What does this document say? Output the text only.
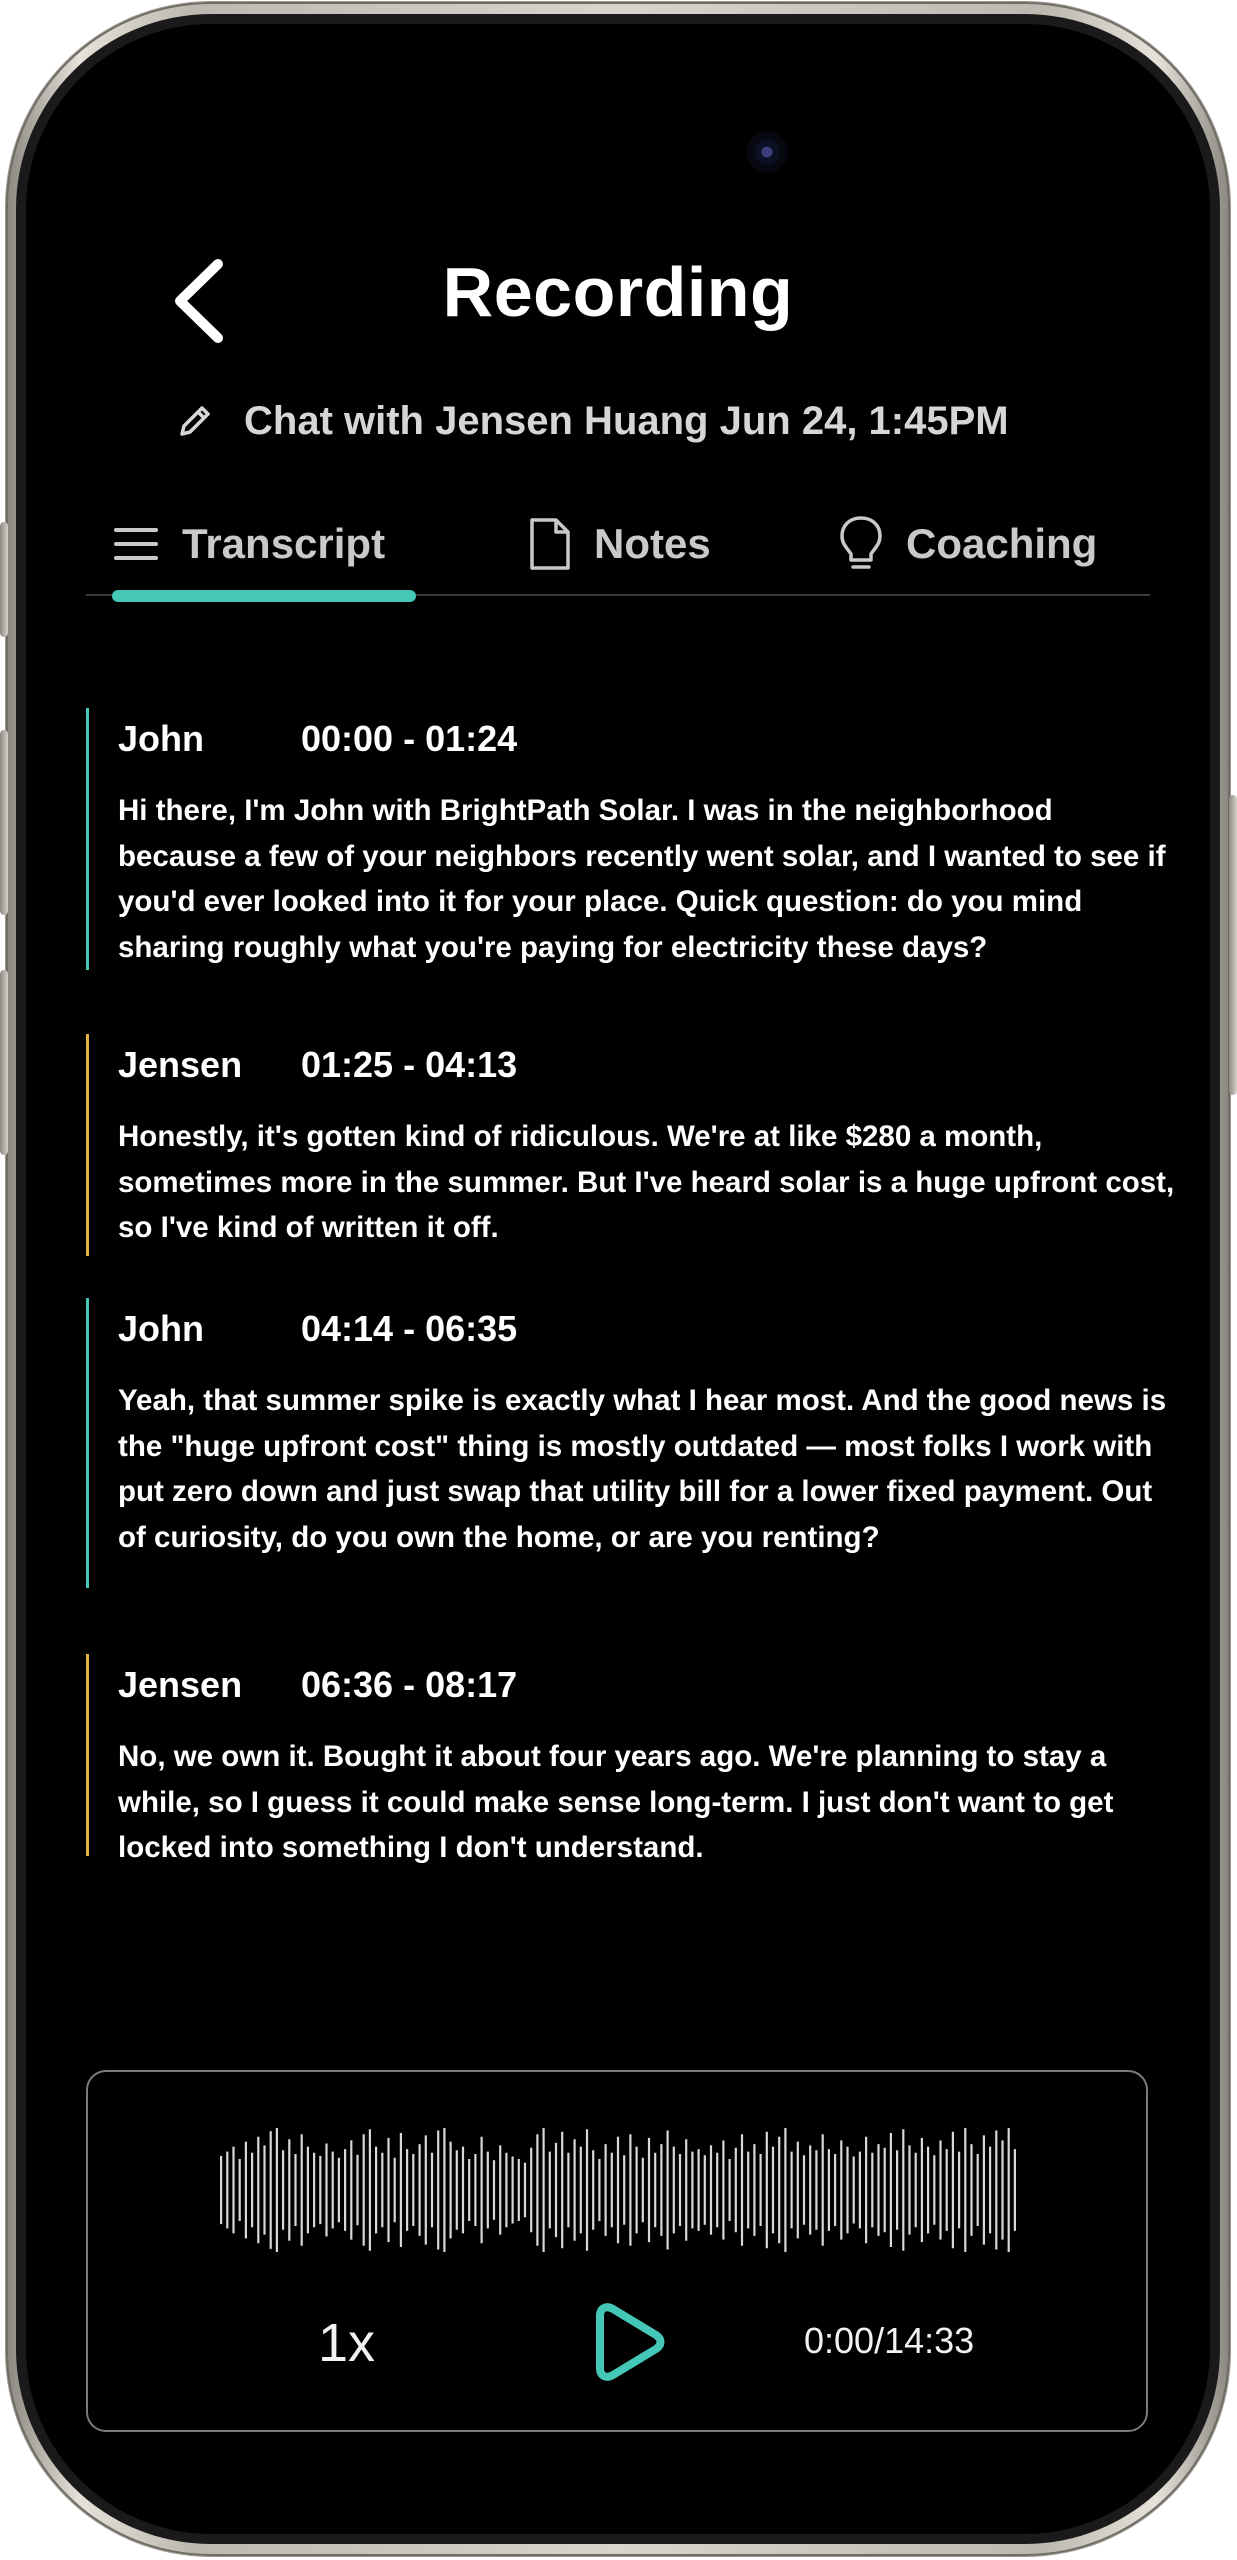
Recording
Chat with Jensen Huang Jun 24, 1:45PM
Transcript	Notes	Coaching
John	00:00 - 01:24
Hi there, I'm John with BrightPath Solar. I was in the neighborhood because a few of your neighbors recently went solar, and I wanted to see if you'd ever looked into it for your place. Quick question: do you mind sharing roughly what you're paying for electricity these days?
Jensen	01:25 - 04:13
Honestly, it's gotten kind of ridiculous. We're at like $280 a month, sometimes more in the summer. But I've heard solar is a huge upfront cost, so I've kind of written it off.
John	04:14 - 06:35
Yeah, that summer spike is exactly what I hear most. And the good news is the "huge upfront cost" thing is mostly outdated — most folks I work with put zero down and just swap that utility bill for a lower fixed payment. Out of curiosity, do you own the home, or are you renting?
Jensen	06:36 - 08:17
No, we own it. Bought it about four years ago. We're planning to stay a while, so I guess it could make sense long-term. I just don't want to get locked into something I don't understand.
1x	0:00/14:33
